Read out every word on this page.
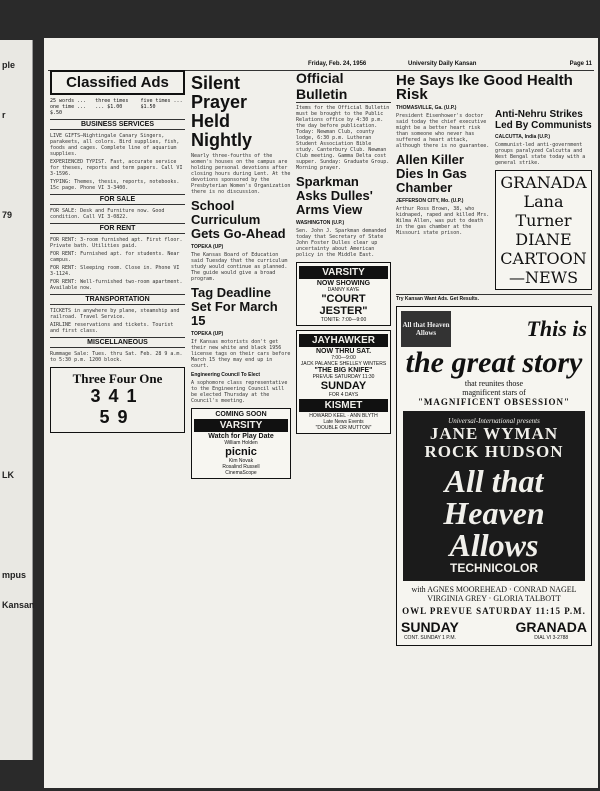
ple
r
79
LK
mpus
Kansan
Friday, Feb. 24, 1956	University Daily Kansan	Page 11
Classified Ads
25 words ... one time ... $.50
three times ... $1.00
five times ... $1.50
BUSINESS SERVICES

LIVE GIFTS—Nightingale Canary Singers, parakeets, all colors. Bird supplies, fish, foods and cages. Complete line of aquarium supplies.

EXPERIENCED TYPIST. Fast, accurate service for theses, reports and term papers. Call VI 3-1596.

TYPING: Themes, thesis, reports, notebooks. 15c page. Phone VI 3-3400.

FOR SALE

FOR SALE: Desk and Furniture now. Good condition. Call VI 3-0822.

FOR RENT

FOR RENT: 3-room furnished apt. First floor. Private bath. Utilities paid.

FOR RENT: Furnished apt. for students. Near campus.

FOR RENT: Sleeping room. Close in. Phone VI 3-1124.

FOR RENT: Well-furnished two-room apartment. Available now.

TRANSPORTATION

TICKETS in anywhere by plane, steamship and railroad. Travel Service.

AIRLINE reservations and tickets. Tourist and first class.

MISCELLANEOUS

Rummage Sale: Tues. thru Sat. Feb. 28 9 a.m. to 5:30 p.m. 1200 block.

Three Four One
341
59
Silent Prayer Held Nightly
Nearly three-fourths of the women's houses on the campus are holding personal devotions after closing hours during Lent. At the devotions sponsored by the Presbyterian Women's Organization there is no discussion.
School Curriculum Gets Go-Ahead
TOPEKA (UP)
The Kansas Board of Education said Tuesday that the curriculum study would continue as planned. The guide would give a broad program.
Tag Deadline Set For March 15
TOPEKA (UP)
If Kansas motorists don't get their new white and black 1956 license tags on their cars before March 15 they may end up in court.
Engineering Council To Elect
A sophomore class representative to the Engineering Council will be elected Thursday at the Council's meeting.
COMING SOON
VARSITY
Watch for Play Date
William Holden
picnic
Kim Novak
Rosalind Russell
CinemaScope
Official Bulletin
Items for the Official Bulletin must be brought to the Public Relations office by 4:30 p.m. the day before publication. Today: Newman Club, county lodge, 6:30 p.m. Lutheran Student Association Bible study. Canterbury Club. Newman Club meeting. Gamma Delta cost supper. Sunday: Graduate Group. Morning prayer.
Sparkman Asks Dulles' Arms View
WASHINGTON (U.P.)
Sen. John J. Sparkman demanded today that Secretary of State John Foster Dulles clear up uncertainty about American policy in the Middle East.
VARSITY
NOW SHOWING
DANNY KAYE
"COURT JESTER"
TONITE: 7:00—9:00
JAYHAWKER
NOW THRU SAT.
7:00—9:00
JACK PALANCE SHELLEY WINTERS
"THE BIG KNIFE"
PREVUE SATURDAY 11:30
SUNDAY
FOR 4 DAYS
KISMET
HOWARD KEEL · ANN BLYTH
Late News Events
"DOUBLE OR MUTTON"
He Says Ike Good Health Risk
THOMASVILLE, Ga. (U.P.)
President Eisenhower's doctor said today the chief executive might be a better heart risk than someone who never has suffered a heart attack, although there is no guarantee.
Allen Killer Dies In Gas Chamber
JEFFERSON CITY, Mo. (U.P.)
Arthur Ross Brown, 38, who kidnaped, raped and killed Mrs. Wilma Allen, was put to death in the gas chamber at the Missouri state prison.
Anti-Nehru Strikes Led By Communists
CALCUTTA, India (U.P.)
Communist-led anti-government groups paralyzed Calcutta and West Bengal state today with a general strike.
GRANADA
Lana Turner
DIANE
CARTOON—NEWS
Try Kansan Want Ads. Get Results.
All that Heaven Allows	This is
the great story
that reunites those
magnificent stars of
"MAGNIFICENT OBSESSION"
Universal-International presents
JANE WYMAN
ROCK HUDSON
All that Heaven Allows
TECHNICOLOR
with AGNES MOOREHEAD · CONRAD NAGEL
VIRGINIA GREY · GLORIA TALBOTT
OWL PREVUE SATURDAY 11:15 P.M.
SUNDAY
CONT. SUNDAY 1 P.M.
GRANADA
DIAL VI 3-2788
